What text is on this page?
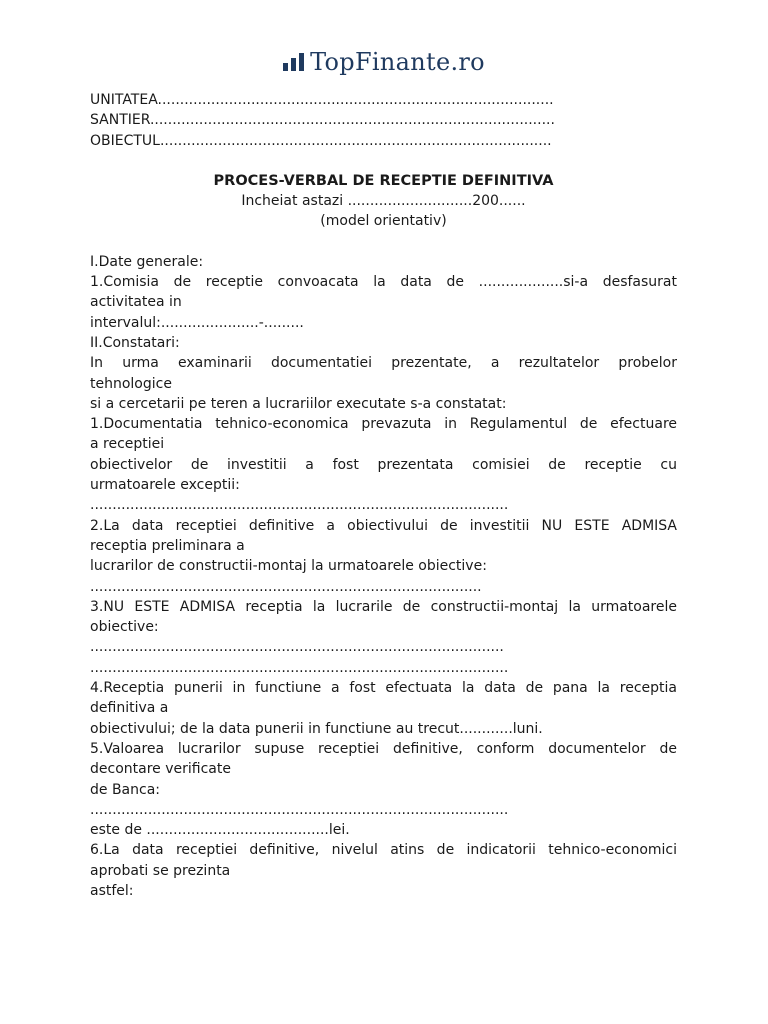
TopFinante.ro

UNITATEA.........................................................................................

SANTIER...........................................................................................

OBIECTUL........................................................................................

PROCES-VERBAL DE RECEPTIE DEFINITIVA

Incheiat astazi ............................200......

(model orientativ)

I.Date generale:

1.Comisia de receptie convoacata la data de ...................si-a desfasurat

activitatea in

intervalul:......................-.........

II.Constatari:

In urma examinarii documentatiei prezentate, a rezultatelor probelor

tehnologice

si a cercetarii pe teren a lucrariilor executate s-a constatat:

1.Documentatia tehnico-economica prevazuta in Regulamentul de efectuare

a receptiei

obiectivelor de investitii a fost prezentata comisiei de receptie cu

urmatoarele exceptii:

..............................................................................................

2.La data receptiei definitive a obiectivului de investitii NU ESTE ADMISA

receptia preliminara a

lucrarilor de constructii-montaj la urmatoarele obiective:

........................................................................................

3.NU ESTE ADMISA receptia la lucrarile de constructii-montaj la urmatoarele

obiective:

.............................................................................................

..............................................................................................

4.Receptia punerii in functiune a fost efectuata la data de pana la receptia

definitiva a

obiectivului; de la data punerii in functiune au trecut............luni.

5.Valoarea lucrarilor supuse receptiei definitive, conform documentelor de

decontare verificate

de Banca:

..............................................................................................

este de .........................................lei.

6.La data receptiei definitive, nivelul atins de indicatorii tehnico-economici

aprobati se prezinta

astfel:
